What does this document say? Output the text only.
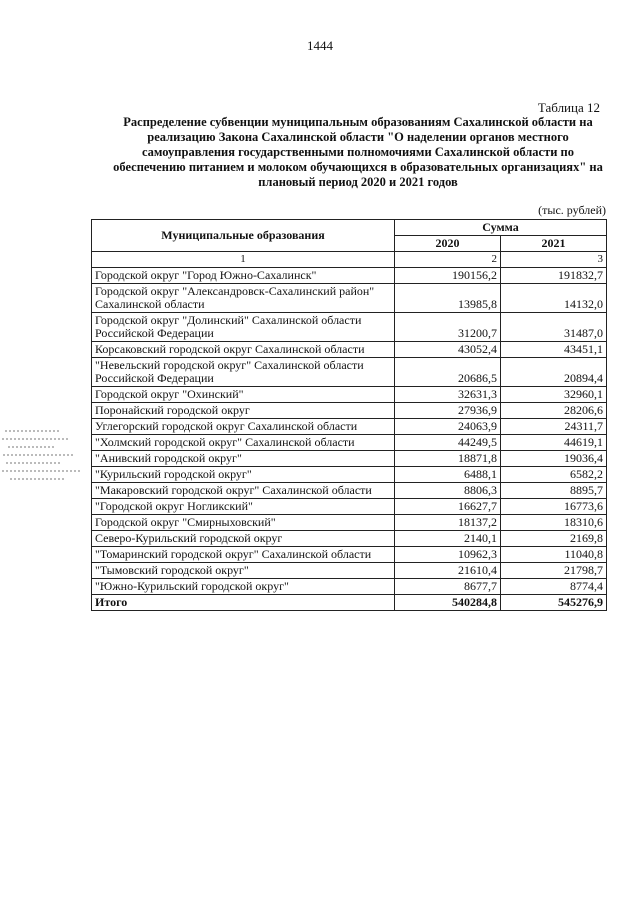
1444
Таблица 12
Распределение субвенции муниципальным образованиям Сахалинской области на
реализацию Закона Сахалинской области "О наделении органов местного
самоуправления государственными полномочиями Сахалинской области по
обеспечению питанием и молоком обучающихся в образовательных организациях" на
плановый период 2020 и 2021 годов
(тыс. рублей)
Муниципальные образования	Сумма	
	2020	2021
1	2	3
Городской округ "Город Южно-Сахалинск"	190156,2	191832,7
Городской округ "Александровск-Сахалинский район" Сахалинской области	13985,8	14132,0
Городской округ "Долинский" Сахалинской области Российской Федерации	31200,7	31487,0
Корсаковский городской округ Сахалинской области	43052,4	43451,1
"Невельский городской округ" Сахалинской области Российской Федерации	20686,5	20894,4
Городской округ "Охинский"	32631,3	32960,1
Поронайский городской округ	27936,9	28206,6
Углегорский городской округ Сахалинской области	24063,9	24311,7
"Холмский городской округ" Сахалинской области	44249,5	44619,1
"Анивский городской округ"	18871,8	19036,4
"Курильский городской округ"	6488,1	6582,2
"Макаровский городской округ" Сахалинской области	8806,3	8895,7
"Городской округ Ногликский"	16627,7	16773,6
Городской округ "Смирныховский"	18137,2	18310,6
Северо-Курильский городской округ	2140,1	2169,8
"Томаринский городской округ" Сахалинской области	10962,3	11040,8
"Тымовский городской округ"	21610,4	21798,7
"Южно-Курильский городской округ"	8677,7	8774,4
Итого	540284,8	545276,9
